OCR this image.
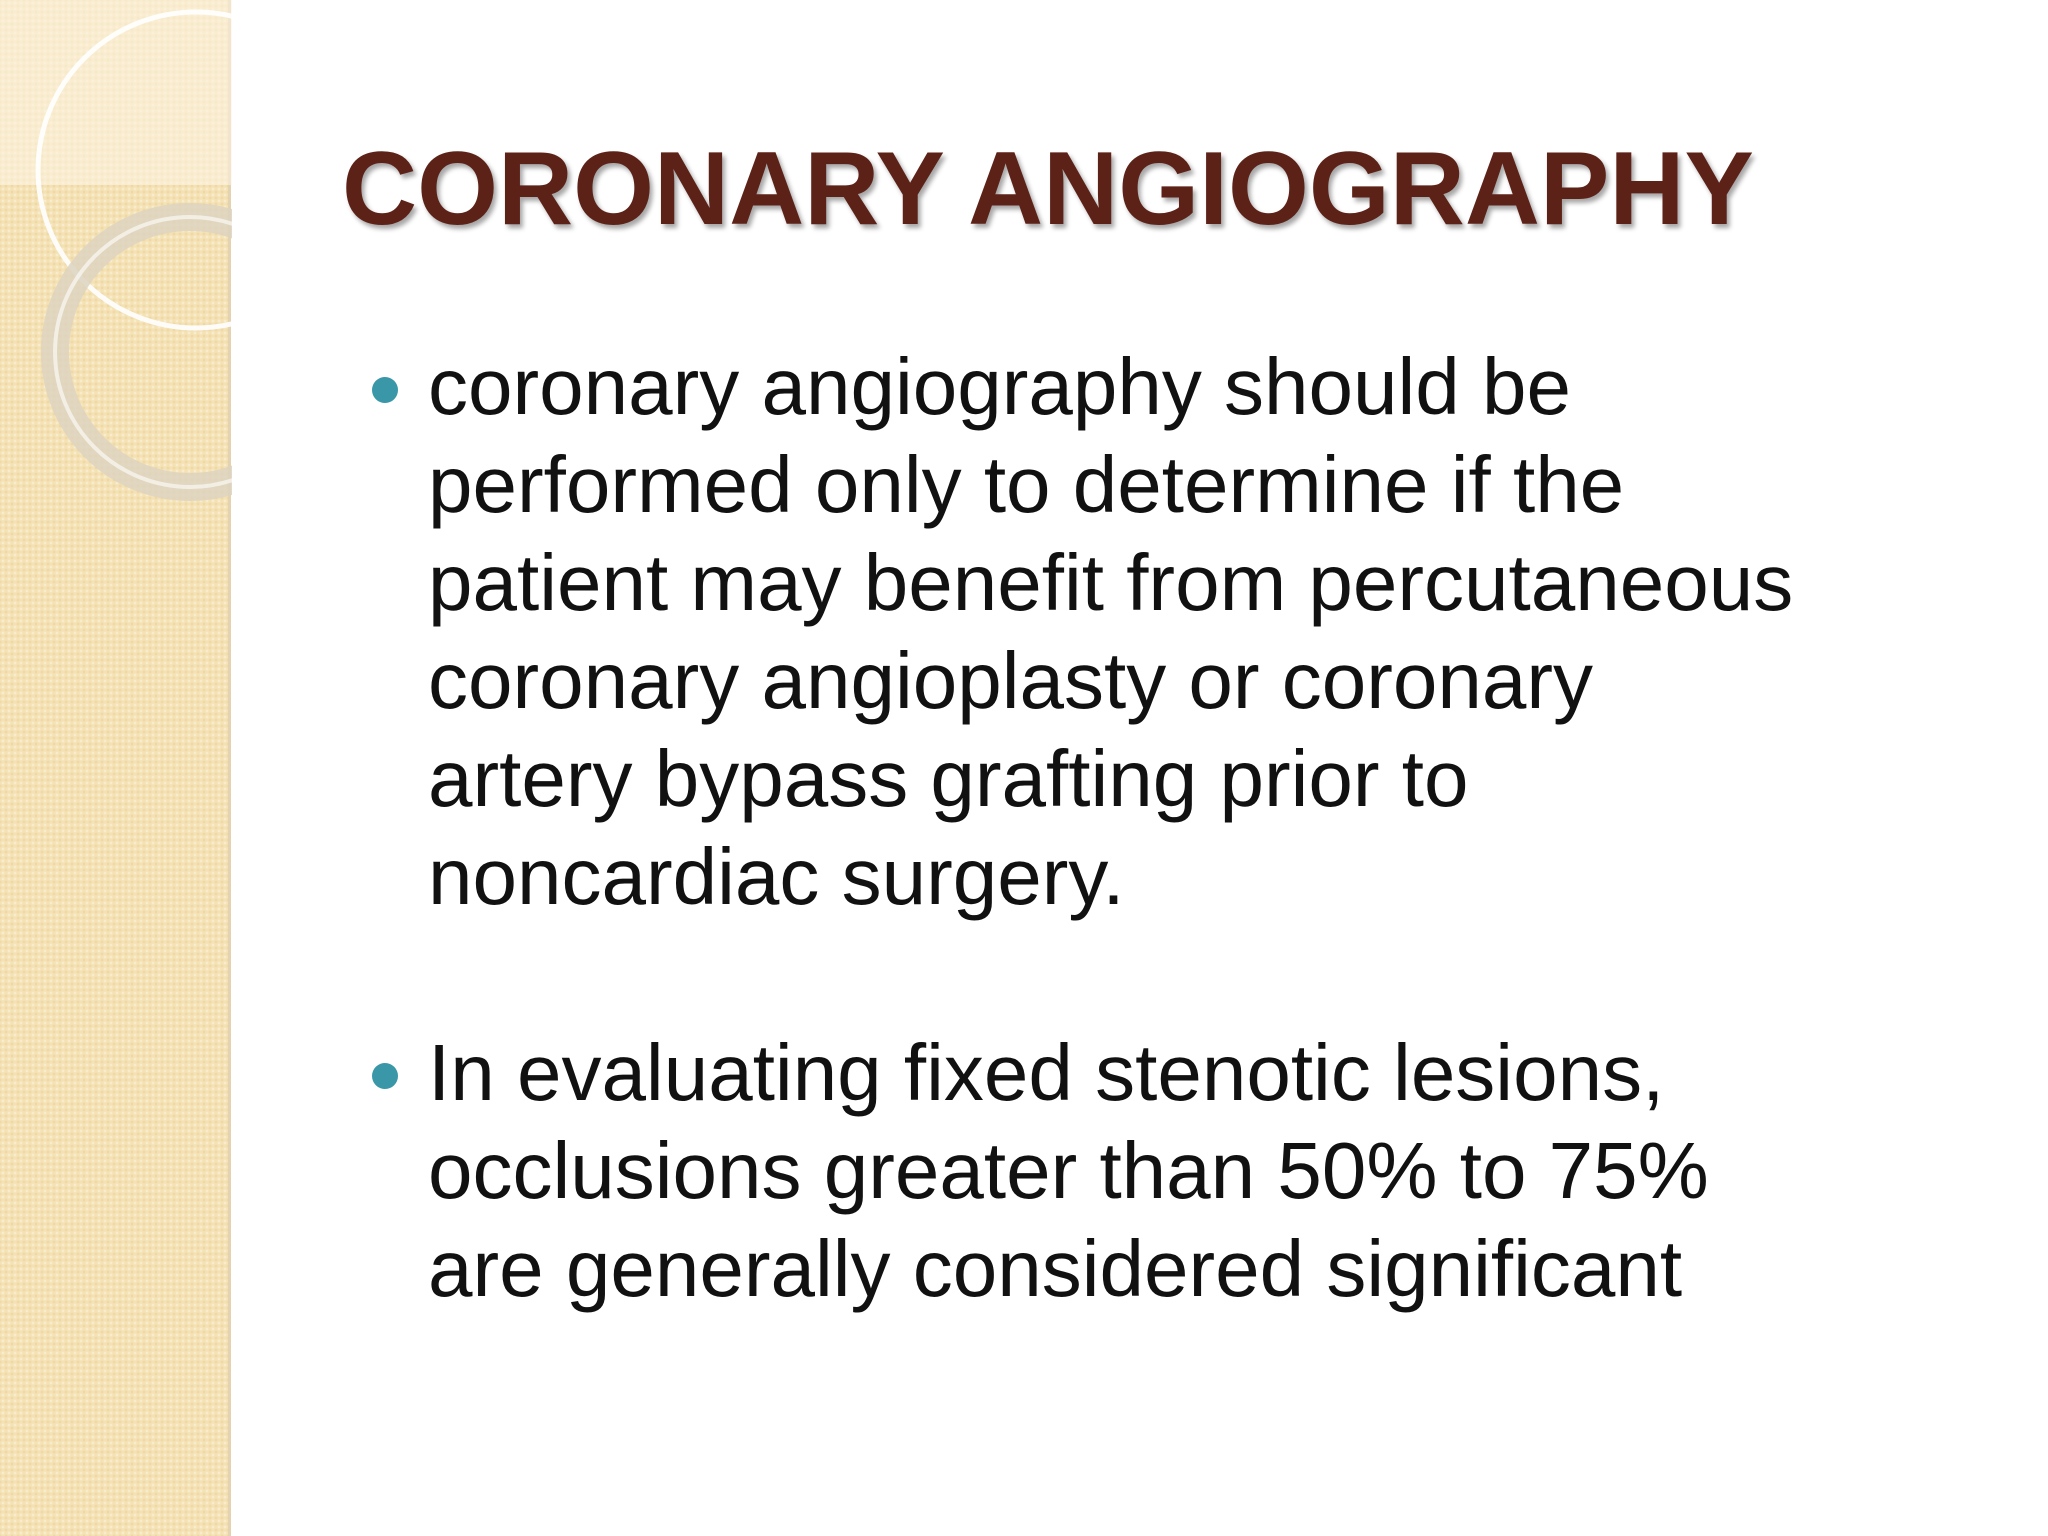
CORONARY ANGIOGRAPHY
coronary angiography should be
performed only to determine if the
patient may benefit from percutaneous
coronary angioplasty or coronary
artery bypass grafting prior to
noncardiac surgery.
In evaluating fixed stenotic lesions,
occlusions greater than 50% to 75%
are generally considered significant
